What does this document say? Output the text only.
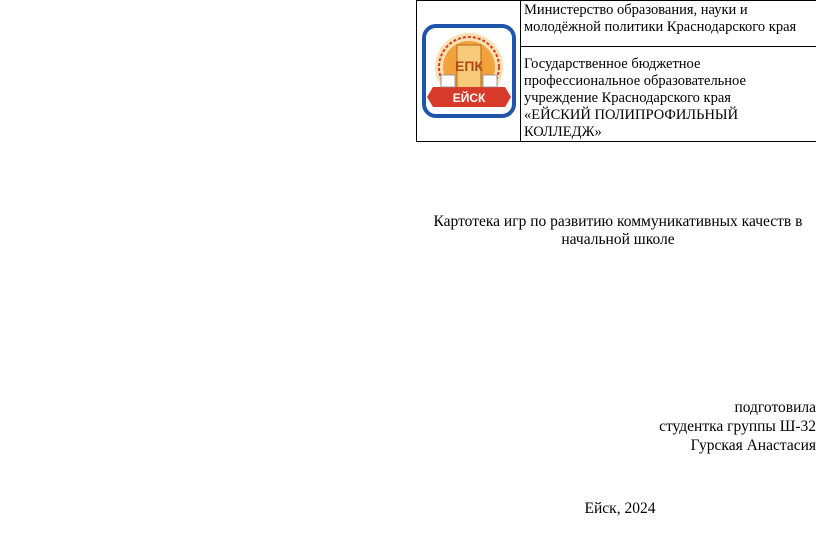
ЕПК
ЕЙСК
	Министерство образования, науки и молодёжной политики Краснодарского края

Государственное бюджетное
профессиональное образовательное
учреждение Краснодарского края
«ЕЙСКИЙ ПОЛИПРОФИЛЬНЫЙ
КОЛЛЕДЖ»
Картотека игр по развитию коммуникативных качеств в
начальной школе
подготовила
студентка группы Ш-32
Гурская Анастасия
Ейск, 2024
